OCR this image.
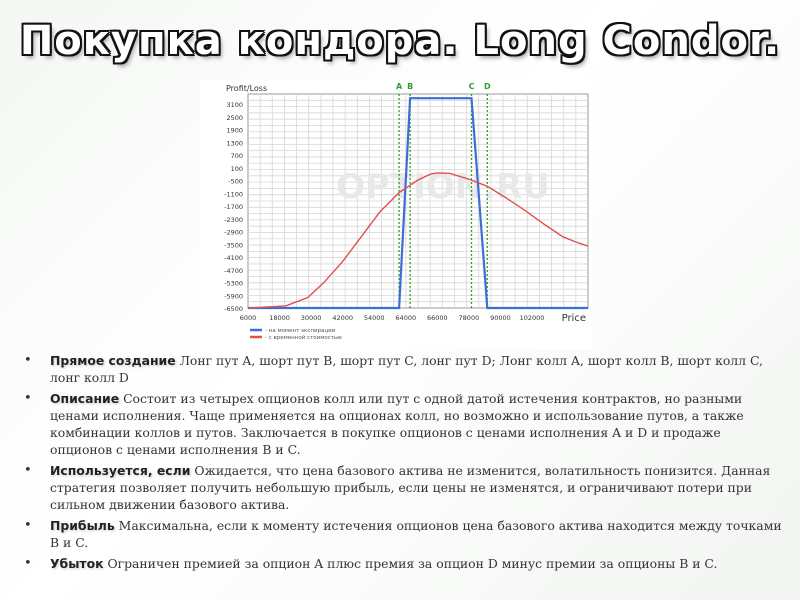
Покупка кондора. Long Condor.
OPTION.RU
A B	C D
3100
2500
1900
1300
700
100
-500
-1100
-1700
-2300
-2900
-3500
-4100
-4700
-5300
-5900
-6500
6000 18000 30000 42000 54000 64000 66000 78000 90000 102000
Profit/Loss
Price
- на момент экспирации
- с временной стоимостью
• Прямое создание Лонг пут A, шорт пут B, шорт пут C, лонг пут D; Лонг колл A, шорт колл B, шорт колл C, лонг колл D
• Описание Состоит из четырех опционов колл или пут с одной датой истечения контрактов, но разными ценами исполнения. Чаще применяется на опционах колл, но возможно и использование путов, а также комбинации коллов и путов. Заключается в покупке опционов с ценами исполнения A и D и продаже опционов с ценами исполнения B и C.
• Используется, если Ожидается, что цена базового актива не изменится, волатильность понизится. Данная стратегия позволяет получить небольшую прибыль, если цены не изменятся, и ограничивают потери при сильном движении базового актива.
• Прибыль Максимальна, если к моменту истечения опционов цена базового актива находится между точками B и C.
• Убыток Ограничен премией за опцион A плюс премия за опцион D минус премии за опционы B и C.
